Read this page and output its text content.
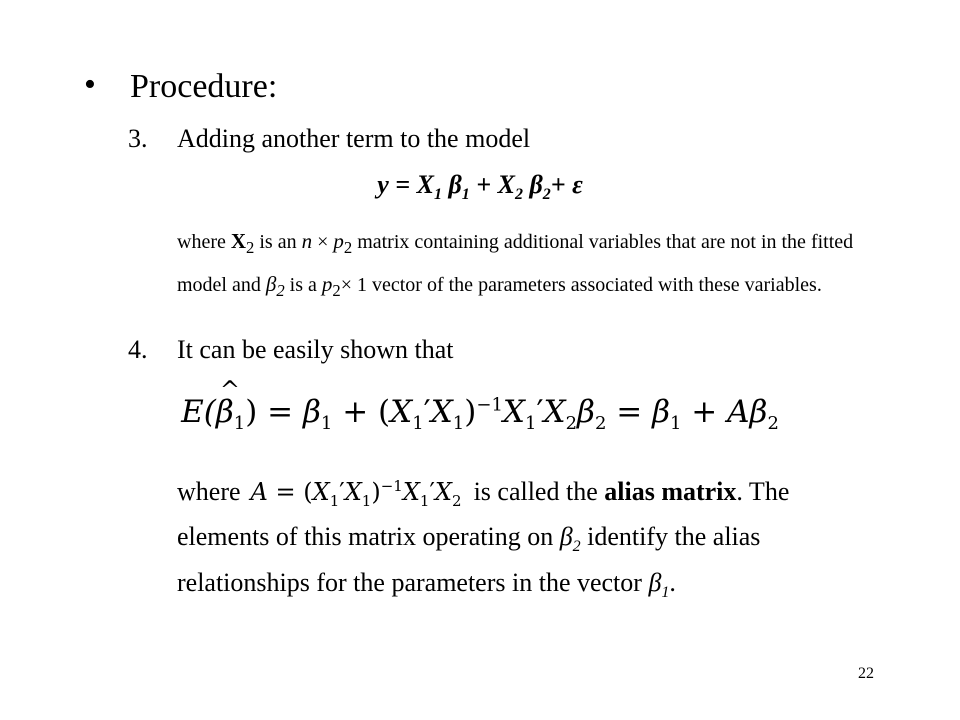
• Procedure:
3. Adding another term to the model
$y = X_1$ $\beta_1 + X_2$ $\beta_2+ \varepsilon$
where $X_2$ is an $n \times p_2$ matrix containing additional variables that are not in the fitted model and $\beta_2$ is a $p_2\times 1$ vector of the parameters associated with these variables.
4. It can be easily shown that
E(^ $\beta_1) = \beta_1 + (X_1'X_1)^{-1}X_1'X_2\beta_2 = \beta_1 + A\beta_2$
where $A = (X_1'X_1)^{-1}X_1'X_2$ is called the alias matrix. The elements of this matrix operating on $\beta_2$ identify the alias relationships for the parameters in the vector $\beta_1$.
22
